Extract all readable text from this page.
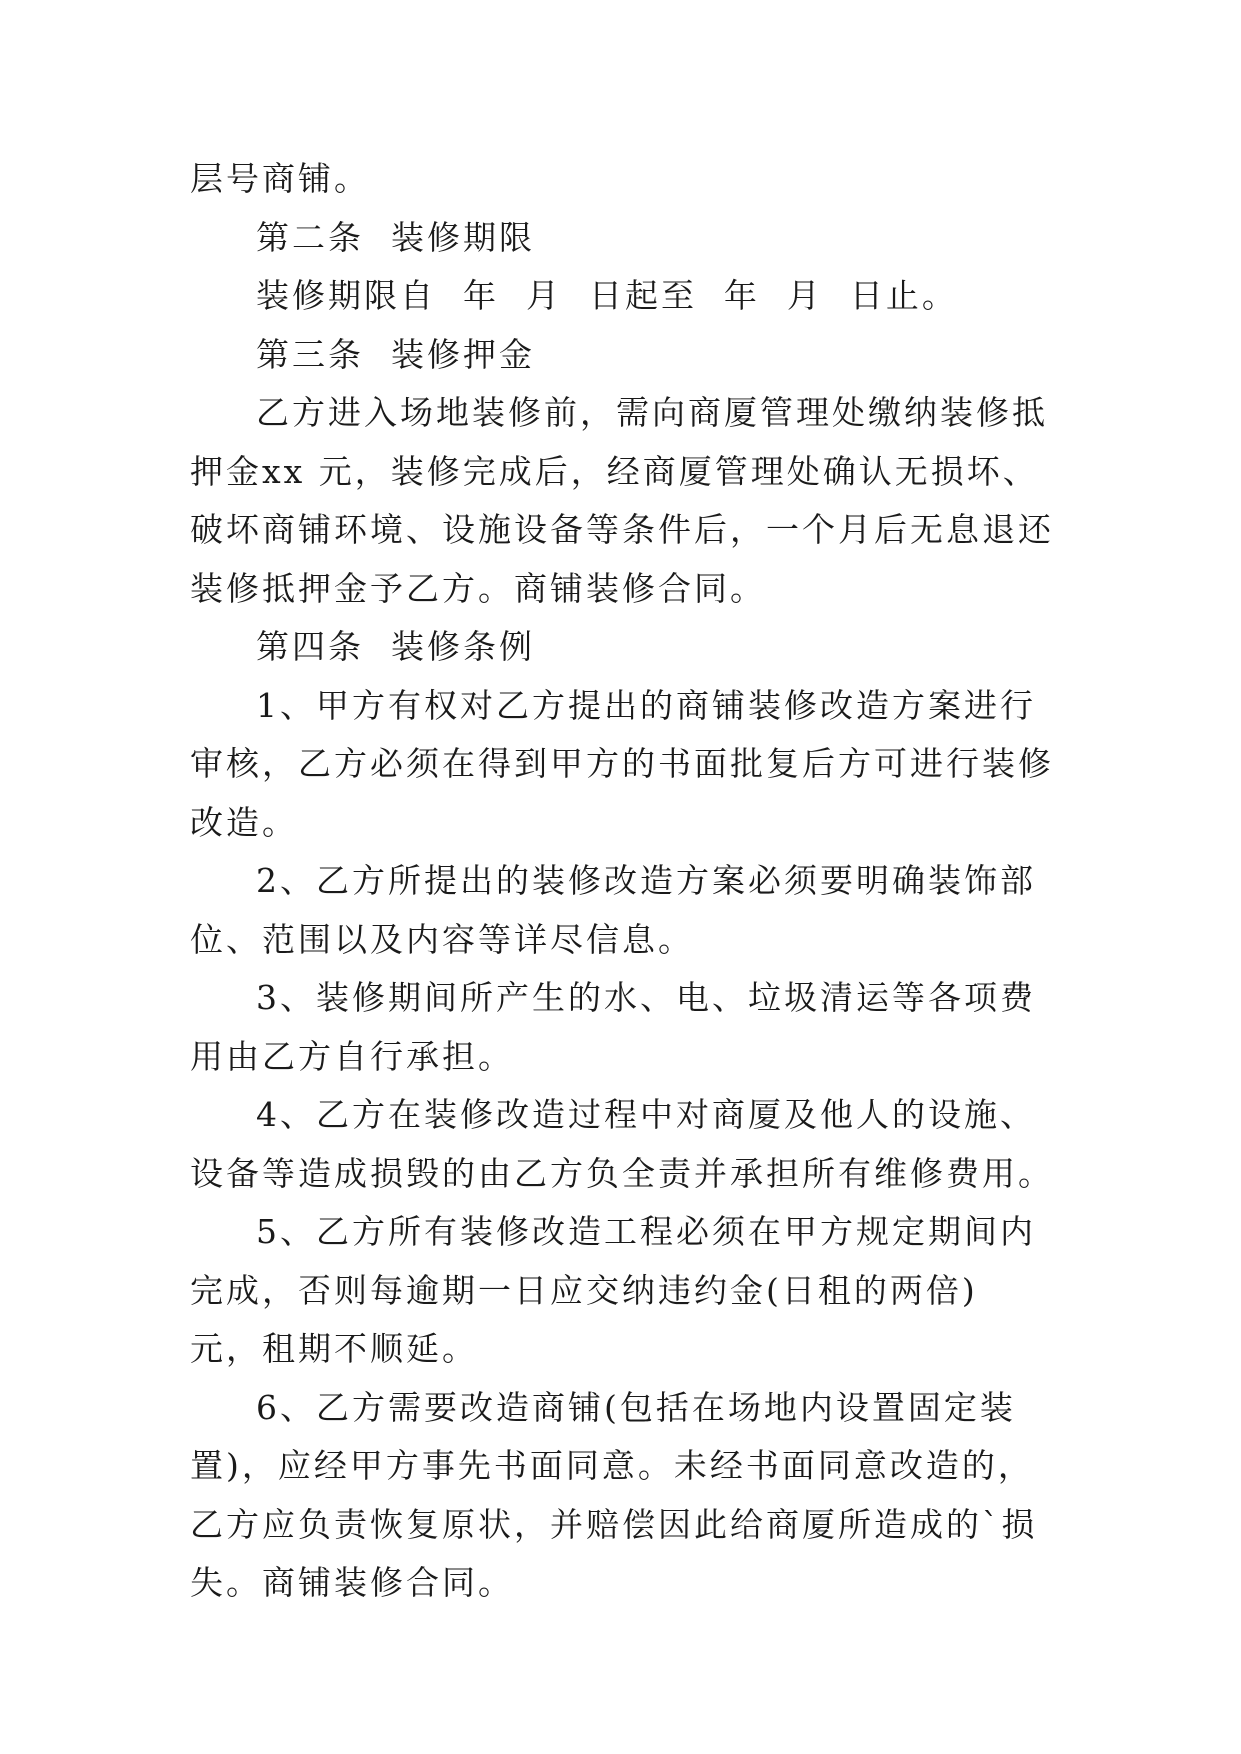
层号商铺。

第二条  装修期限

装修期限自  年  月  日起至  年  月  日止。

第三条  装修押金

乙方进入场地装修前，需向商厦管理处缴纳装修抵押金xx 元，装修完成后，经商厦管理处确认无损坏、破坏商铺环境、设施设备等条件后，一个月后无息退还装修抵押金予乙方。商铺装修合同。

第四条  装修条例

1、甲方有权对乙方提出的商铺装修改造方案进行审核，乙方必须在得到甲方的书面批复后方可进行装修改造。

2、乙方所提出的装修改造方案必须要明确装饰部位、范围以及内容等详尽信息。

3、装修期间所产生的水、电、垃圾清运等各项费用由乙方自行承担。

4、乙方在装修改造过程中对商厦及他人的设施、设备等造成损毁的由乙方负全责并承担所有维修费用。

5、乙方所有装修改造工程必须在甲方规定期间内完成，否则每逾期一日应交纳违约金(日租的两倍) 元，租期不顺延。

6、乙方需要改造商铺(包括在场地内设置固定装置)，应经甲方事先书面同意。未经书面同意改造的，乙方应负责恢复原状，并赔偿因此给商厦所造成的`损失。商铺装修合同。
